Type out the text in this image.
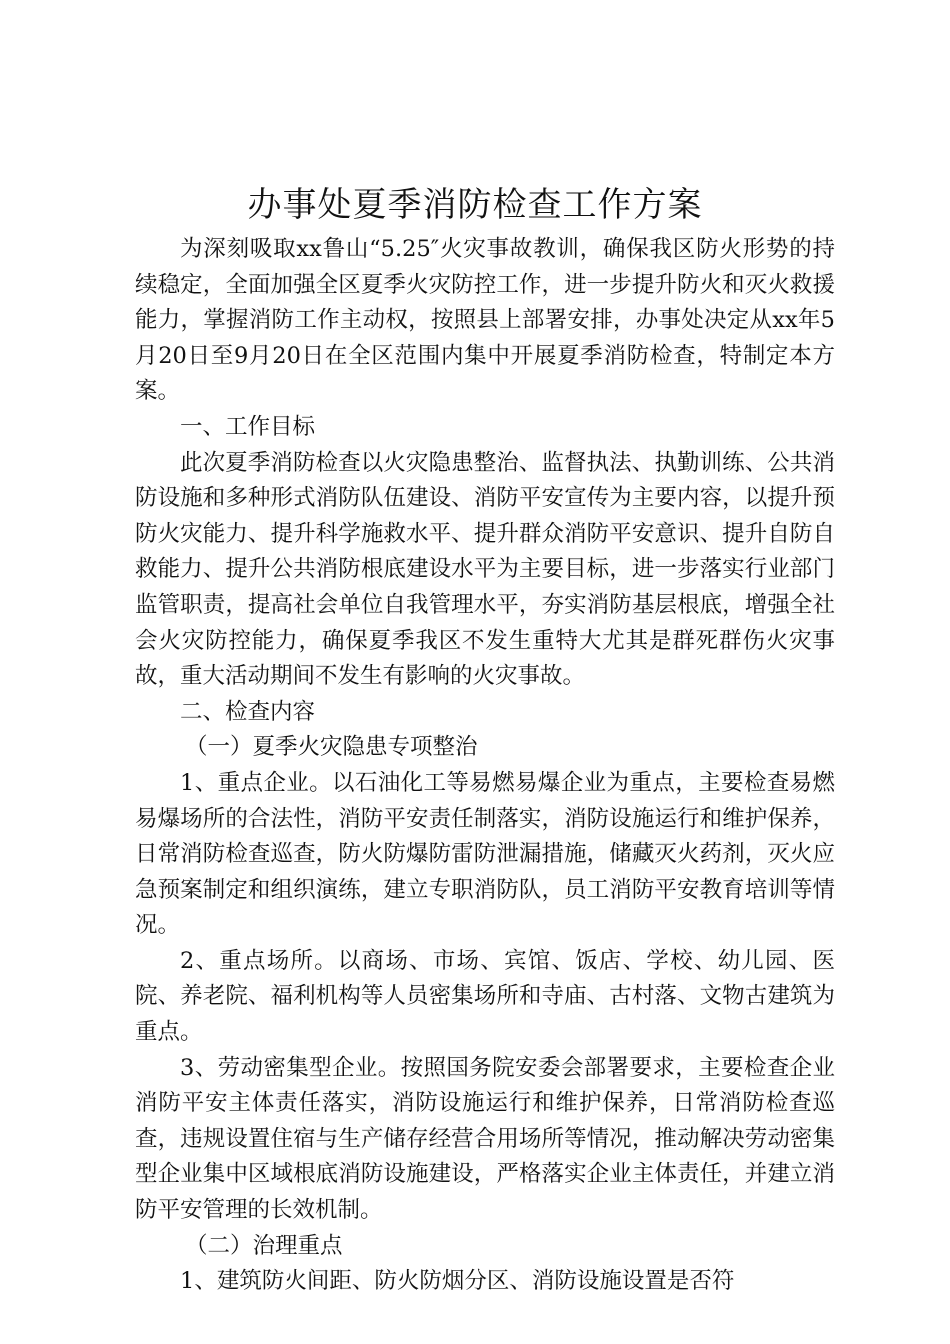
办事处夏季消防检查工作方案

为深刻吸取xx鲁山“5.25″火灾事故教训，确保我区防火形势的持续稳定，全面加强全区夏季火灾防控工作，进一步提升防火和灭火救援能力，掌握消防工作主动权，按照县上部署安排，办事处决定从xx年5月20日至9月20日在全区范围内集中开展夏季消防检查，特制定本方案。

一、工作目标

此次夏季消防检查以火灾隐患整治、监督执法、执勤训练、公共消防设施和多种形式消防队伍建设、消防平安宣传为主要内容，以提升预防火灾能力、提升科学施救水平、提升群众消防平安意识、提升自防自救能力、提升公共消防根底建设水平为主要目标，进一步落实行业部门监管职责，提高社会单位自我管理水平，夯实消防基层根底，增强全社会火灾防控能力，确保夏季我区不发生重特大尤其是群死群伤火灾事故，重大活动期间不发生有影响的火灾事故。

二、检查内容

（一）夏季火灾隐患专项整治

1、重点企业。以石油化工等易燃易爆企业为重点，主要检查易燃易爆场所的合法性，消防平安责任制落实，消防设施运行和维护保养，日常消防检查巡查，防火防爆防雷防泄漏措施，储藏灭火药剂，灭火应急预案制定和组织演练，建立专职消防队，员工消防平安教育培训等情况。

2、重点场所。以商场、市场、宾馆、饭店、学校、幼儿园、医院、养老院、福利机构等人员密集场所和寺庙、古村落、文物古建筑为重点。

3、劳动密集型企业。按照国务院安委会部署要求，主要检查企业消防平安主体责任落实，消防设施运行和维护保养，日常消防检查巡查，违规设置住宿与生产储存经营合用场所等情况，推动解决劳动密集型企业集中区域根底消防设施建设，严格落实企业主体责任，并建立消防平安管理的长效机制。

（二）治理重点

1、建筑防火间距、防火防烟分区、消防设施设置是否符
